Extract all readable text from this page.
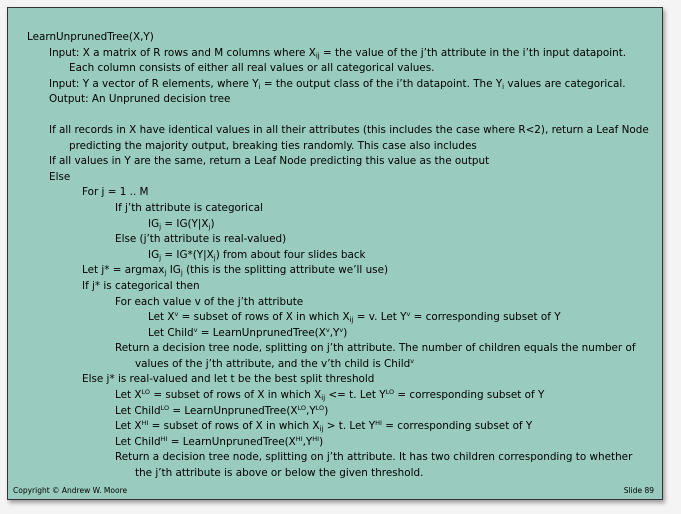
LearnUnprunedTree(X,Y)
Input: X a matrix of R rows and M columns where $X_{ij}$ = the value of the j’th attribute in the i’th input datapoint. Each column consists of either all real values or all categorical values.
Input: Y a vector of R elements, where $Y_i$ = the output class of the i’th datapoint. The $Y_i$ values are categorical.
Output: An Unpruned decision tree
If all records in X have identical values in all their attributes (this includes the case where R<2), return a Leaf Node predicting the majority output, breaking ties randomly. This case also includes
If all values in Y are the same, return a Leaf Node predicting this value as the output
Else
For j = 1 .. M
If j’th attribute is categorical
$IG_j = IG(Y|X_j)$
Else (j’th attribute is real-valued)
$IG_j = IG*(Y|X_j)$ from about four slides back
Let j* = argmax$_j$ $IG_j$ (this is the splitting attribute we’ll use)
If j* is categorical then
For each value v of the j’th attribute
Let $X^v$ = subset of rows of X in which $X_{ij} = v$. Let $Y^v$ = corresponding subset of Y
Let Child$^v$ = $LearnUnprunedTree(X^v,Y^v)$
Return a decision tree node, splitting on j’th attribute. The number of children equals the number of values of the j’th attribute, and the v’th child is Child$^v$
Else j* is real-valued and let t be the best split threshold
Let $X^{LO}$ = subset of rows of X in which $X_{ij} <= t$. Let $Y^{LO}$ = corresponding subset of Y
Let Child$^{LO}$ = $LearnUnprunedTree(X^{LO},Y^{LO})$
Let $X^{HI}$ = subset of rows of X in which $X_{ij} > t$. Let $Y^{HI}$ = corresponding subset of Y
Let Child$^{HI}$ = $LearnUnprunedTree(X^{HI},Y^{HI})$
Return a decision tree node, splitting on j’th attribute. It has two children corresponding to whether the j’th attribute is above or below the given threshold.
Copyright © Andrew W. Moore	Slide 89
